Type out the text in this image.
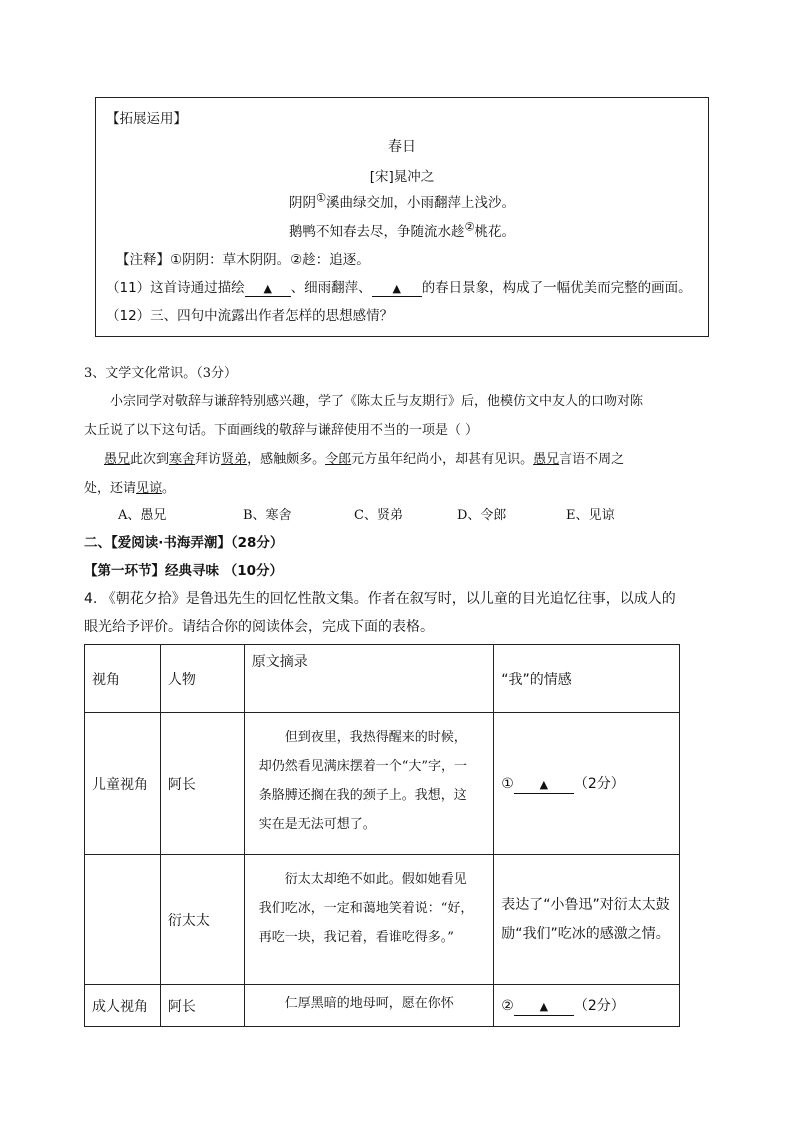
【拓展运用】
春日
[宋]晁冲之
阴阴①溪曲绿交加，小雨翻萍上浅沙。
鹅鸭不知春去尽，争随流水趁②桃花。
【注释】①阴阴：草木阴阴。②趁：追逐。
（11）这首诗通过描绘 ▲ 、细雨翻萍、 ▲ 的春日景象，构成了一幅优美而完整的画面。
（12）三、四句中流露出作者怎样的思想感情？
3、文学文化常识。（3分）
小宗同学对敬辞与谦辞特别感兴趣，学了《陈太丘与友期行》后，他模仿文中友人的口吻对陈
太丘说了以下这句话。下面画线的敬辞与谦辞使用不当的一项是（ ）
愚兄此次到寒舍拜访贤弟，感触颇多。令郎元方虽年纪尚小，却甚有见识。愚兄言语不周之
处，还请见谅。
A、愚兄	B、寒舍	C、贤弟	D、令郎	E、见谅
二、【爱阅读·书海弄潮】（28分）
【第一环节】经典寻味 （10分）
4. 《朝花夕拾》是鲁迅先生的回忆性散文集。作者在叙写时，以儿童的目光追忆往事，以成人的
眼光给予评价。请结合你的阅读体会，完成下面的表格。
视角	人物	原文摘录	“我”的情感
儿童视角	阿长	但到夜里，我热得醒来的时候，却仍然看见满床摆着一个“大”字，一条胳膊还搁在我的颈子上。我想，这实在是无法可想了。	① ▲ （2分）
	衍太太	衍太太却绝不如此。假如她看见我们吃冰，一定和蔼地笑着说：“好，再吃一块，我记着，看谁吃得多。”	表达了“小鲁迅”对衍太太鼓励“我们”吃冰的感激之情。
成人视角	阿长	仁厚黑暗的地母呵，愿在你怀	② ▲ （2分）
